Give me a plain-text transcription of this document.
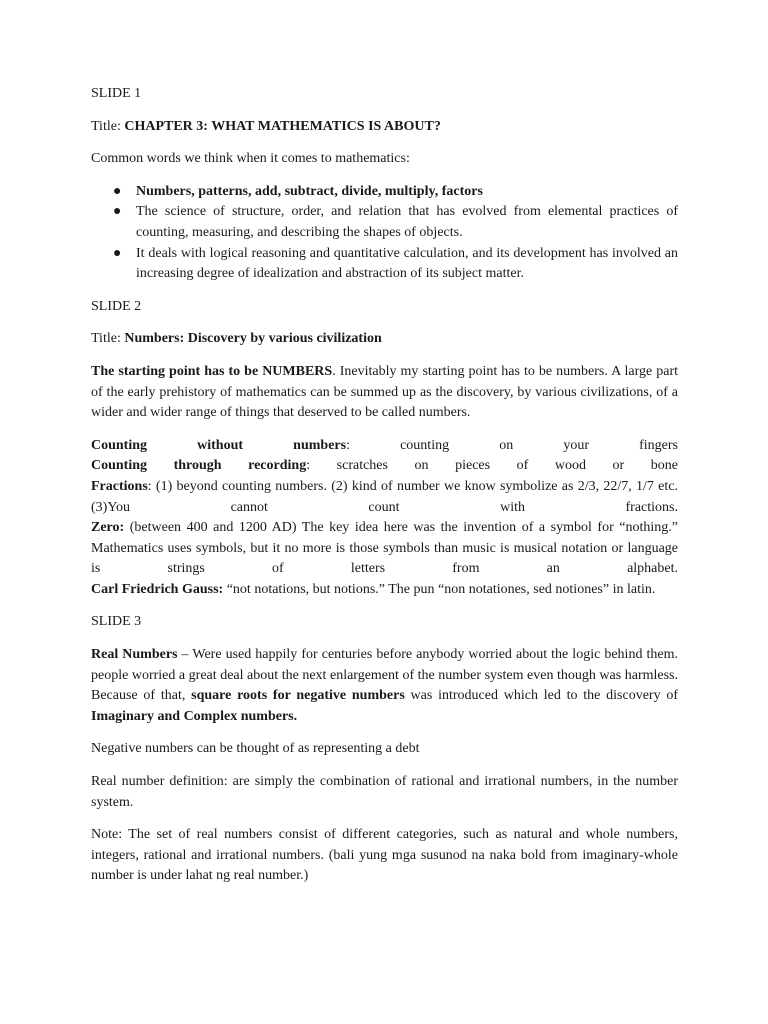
SLIDE 1

Title: CHAPTER 3: WHAT MATHEMATICS IS ABOUT?

Common words we think when it comes to mathematics:

● Numbers, patterns, add, subtract, divide, multiply, factors
● The science of structure, order, and relation that has evolved from elemental practices of counting, measuring, and describing the shapes of objects.
● It deals with logical reasoning and quantitative calculation, and its development has involved an increasing degree of idealization and abstraction of its subject matter.

SLIDE 2

Title: Numbers: Discovery by various civilization

The starting point has to be NUMBERS. Inevitably my starting point has to be numbers. A large part of the early prehistory of mathematics can be summed up as the discovery, by various civilizations, of a wider and wider range of things that deserved to be called numbers.

Counting without numbers: counting on your fingers

Counting through recording: scratches on pieces of wood or bone

Fractions: (1) beyond counting numbers. (2) kind of number we know symbolize as 2/3, 22/7, 1/7 etc. (3)You cannot count with fractions.

Zero: (between 400 and 1200 AD) The key idea here was the invention of a symbol for “nothing.” Mathematics uses symbols, but it no more is those symbols than music is musical notation or language is strings of letters from an alphabet.

Carl Friedrich Gauss: “not notations, but notions.” The pun “non notationes, sed notiones” in latin.

SLIDE 3

Real Numbers – Were used happily for centuries before anybody worried about the logic behind them. people worried a great deal about the next enlargement of the number system even though was harmless. Because of that, square roots for negative numbers was introduced which led to the discovery of Imaginary and Complex numbers.

Negative numbers can be thought of as representing a debt

Real number definition: are simply the combination of rational and irrational numbers, in the number system.

Note: The set of real numbers consist of different categories, such as natural and whole numbers, integers, rational and irrational numbers. (bali yung mga susunod na naka bold from imaginary-whole number is under lahat ng real number.)
